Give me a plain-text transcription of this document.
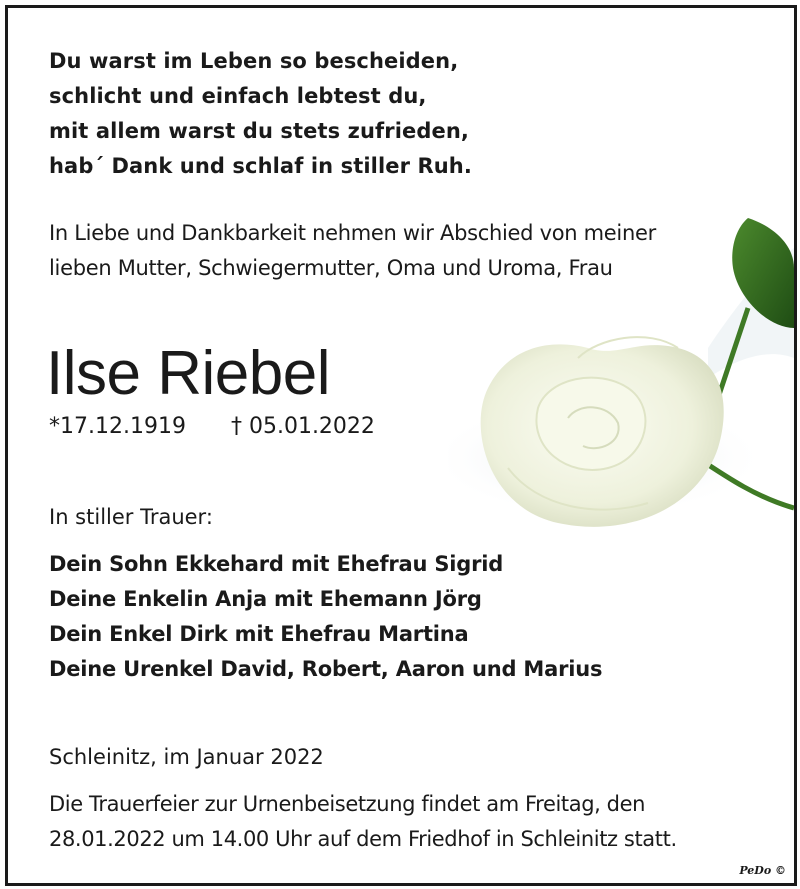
Du warst im Leben so bescheiden,
schlicht und einfach lebtest du,
mit allem warst du stets zufrieden,
hab´ Dank und schlaf in stiller Ruh.
In Liebe und Dankbarkeit nehmen wir Abschied von meiner
lieben Mutter, Schwiegermutter, Oma und Uroma, Frau
Ilse Riebel
*17.12.1919 † 05.01.2022
In stiller Trauer:
Dein Sohn Ekkehard mit Ehefrau Sigrid
Deine Enkelin Anja mit Ehemann Jörg
Dein Enkel Dirk mit Ehefrau Martina
Deine Urenkel David, Robert, Aaron und Marius
Schleinitz, im Januar 2022
Die Trauerfeier zur Urnenbeisetzung findet am Freitag, den
28.01.2022 um 14.00 Uhr auf dem Friedhof in Schleinitz statt.
PeDo ©
